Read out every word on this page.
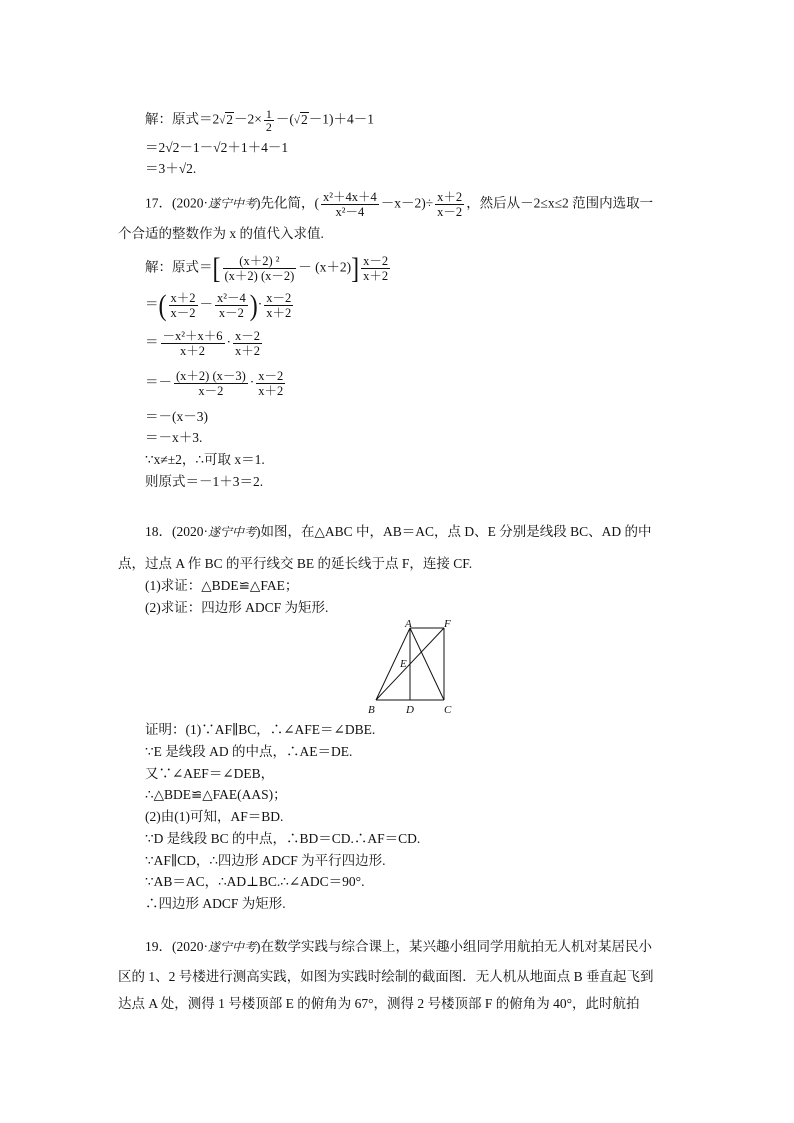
解：原式$=2√2-2\times \frac{1}{2} -(√2-1)+4-1$
＝2√2－1－√2＋1＋4－1
＝3＋√2.
17．(2020·遂宁中考)先化简，( $\frac{\text{x²＋4x＋4}}{\text{x²－4}} -x-2)\div \frac{x+2}{x-2}$ ，然后从－2≤x≤2 范围内选取一
个合适的整数作为 x 的值代入求值.
解：原式＝[ $\frac{\text{(x＋2) ²}}{(x+2) (x-2)} - (x+2)] \frac{x-2}{x+2}$
＝( $\frac{x+2}{x-2} - \frac{\text{x²－4}}{x-2}$ )· $\frac{x-2}{x+2}$
＝ $\frac{\text{－x²＋x＋6}}{x+2} \cdot \frac{x-2}{x+2}$
＝－ $\frac{(x+2) (x-3)}{x-2} \cdot \frac{x-2}{x+2}$
＝－(x－3)
＝－x＋3.
∵x≠±2，∴可取 x＝1.
则原式＝－1＋3＝2.
18．(2020·遂宁中考)如图，在△ABC 中，AB＝AC，点 D、E 分别是线段 BC、AD 的中
点，过点 A 作 BC 的平行线交 BE 的延长线于点 F，连接 CF.
(1)求证：△BDE≌△FAE；
(2)求证：四边形 ADCF 为矩形.
A	F
E
B	D	C
证明：(1)∵AF∥BC，∴∠AFE＝∠DBE.
∵E 是线段 AD 的中点，∴AE＝DE.
又∵∠AEF＝∠DEB，
∴△BDE≌△FAE(AAS)；
(2)由(1)可知，AF＝BD.
∵D 是线段 BC 的中点，∴BD＝CD.∴AF＝CD.
∵AF∥CD，∴四边形 ADCF 为平行四边形.
∵AB＝AC，∴AD⊥BC.∴∠ADC＝90°.
∴四边形 ADCF 为矩形.
19．(2020·遂宁中考)在数学实践与综合课上，某兴趣小组同学用航拍无人机对某居民小
区的 1、2 号楼进行测高实践，如图为实践时绘制的截面图．无人机从地面点 B 垂直起飞到
达点 A 处，测得 1 号楼顶部 E 的俯角为 67°，测得 2 号楼顶部 F 的俯角为 40°，此时航拍
